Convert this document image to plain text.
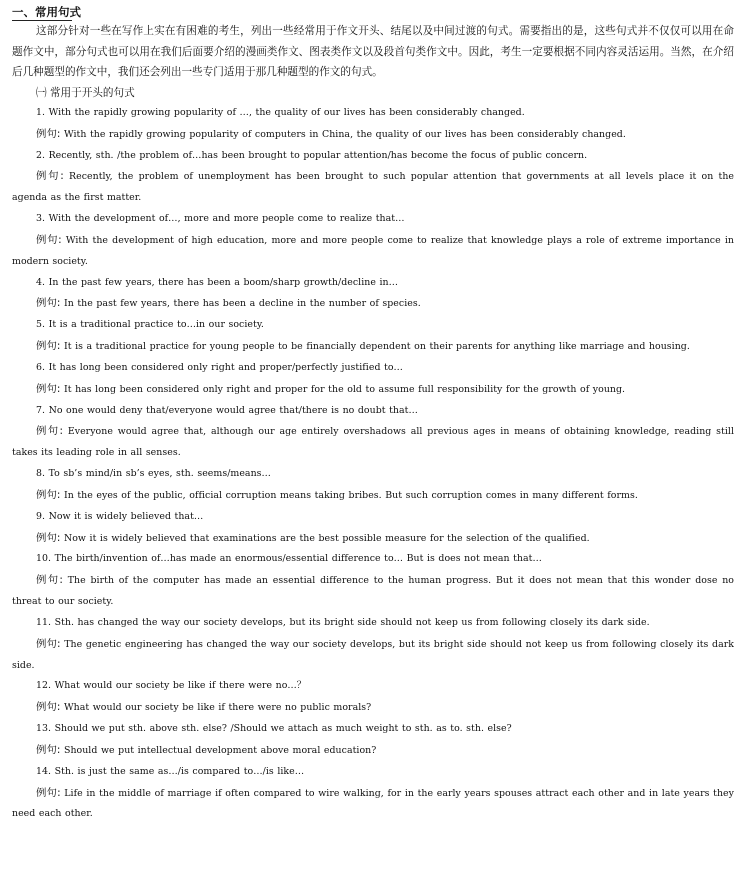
一、常用句式

这部分针对一些在写作上实在有困难的考生，列出一些经常用于作文开头、结尾以及中间过渡的句式。需要指出的是，这些句式并不仅仅可以用在命题作文中，部分句式也可以用在我们后面要介绍的漫画类作文、图表类作文以及段首句类作文中。因此，考生一定要根据不同内容灵活运用。当然，在介绍后几种题型的作文中，我们还会列出一些专门适用于那几种题型的作文的句式。

㈠ 常用于开头的句式
1. With the rapidly growing popularity of …, the quality of our lives has been considerably changed.
例句: With the rapidly growing popularity of computers in China, the quality of our lives has been considerably changed.
2. Recently, sth. /the problem of…has been brought to popular attention/has become the focus of public concern.
例句: Recently, the problem of unemployment has been brought to such popular attention that governments at all levels place it on the agenda as the first matter.
3. With the development of…, more and more people come to realize that…
例句: With the development of high education, more and more people come to realize that knowledge plays a role of extreme importance in modern society.
4. In the past few years, there has been a boom/sharp growth/decline in…
例句: In the past few years, there has been a decline in the number of species.
5. It is a traditional practice to…in our society.
例句: It is a traditional practice for young people to be financially dependent on their parents for anything like marriage and housing.
6. It has long been considered only right and proper/perfectly justified to…
例句: It has long been considered only right and proper for the old to assume full responsibility for the growth of young.
7. No one would deny that/everyone would agree that/there is no doubt that…
例句: Everyone would agree that, although our age entirely overshadows all previous ages in means of obtaining knowledge, reading still takes its leading role in all senses.
8. To sb’s mind/in sb’s eyes, sth. seems/means…
例句: In the eyes of the public, official corruption means taking bribes. But such corruption comes in many different forms.
9. Now it is widely believed that…
例句: Now it is widely believed that examinations are the best possible measure for the selection of the qualified.
10. The birth/invention of…has made an enormous/essential difference to… But is does not mean that…
例句: The birth of the computer has made an essential difference to the human progress. But it does not mean that this wonder dose no threat to our society.
11. Sth. has changed the way our society develops, but its bright side should not keep us from following closely its dark side.
例句: The genetic engineering has changed the way our society develops, but its bright side should not keep us from following closely its dark side.
12. What would our society be like if there were no…？
例句: What would our society be like if there were no public morals?
13. Should we put sth. above sth. else? /Should we attach as much weight to sth. as to. sth. else?
例句: Should we put intellectual development above moral education?
14. Sth. is just the same as…/is compared to…/is like…
例句: Life in the middle of marriage if often compared to wire walking, for in the early years spouses attract each other and in late years they need each other.
